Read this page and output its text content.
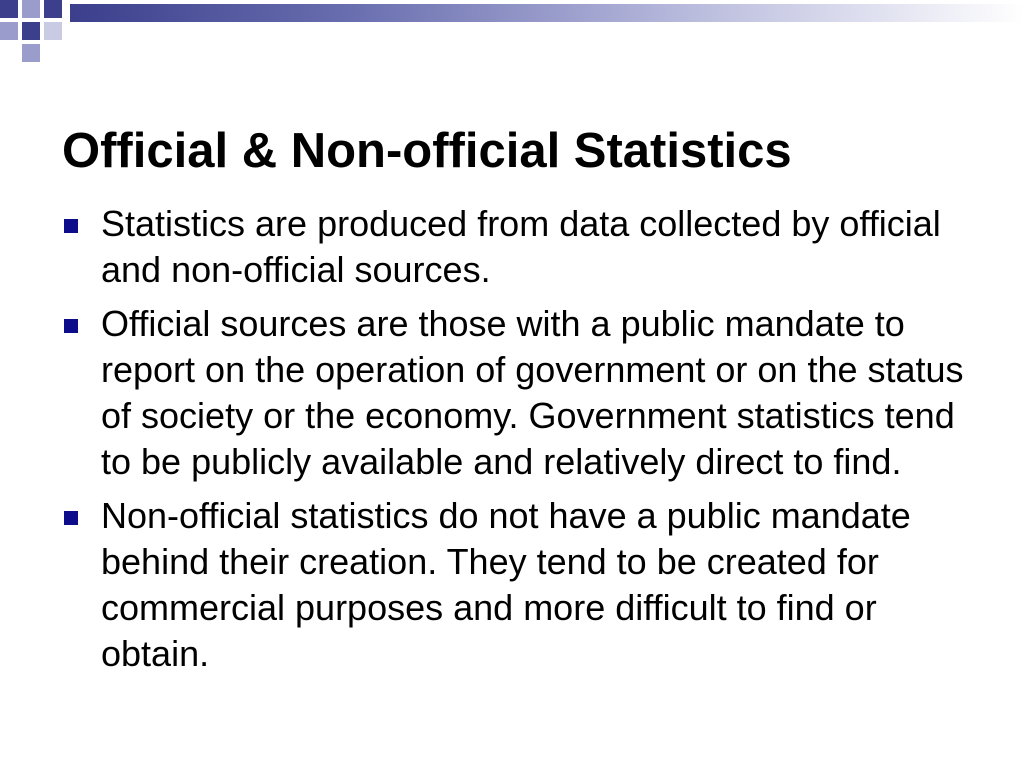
Official & Non-official Statistics
Statistics are produced from data collected by official and non-official sources.
Official sources are those with a public mandate to report on the operation of government or on the status of society or the economy. Government statistics tend to be publicly available and relatively direct to find.
Non-official statistics do not have a public mandate behind their creation. They tend to be created for commercial purposes and more difficult to find or obtain.
